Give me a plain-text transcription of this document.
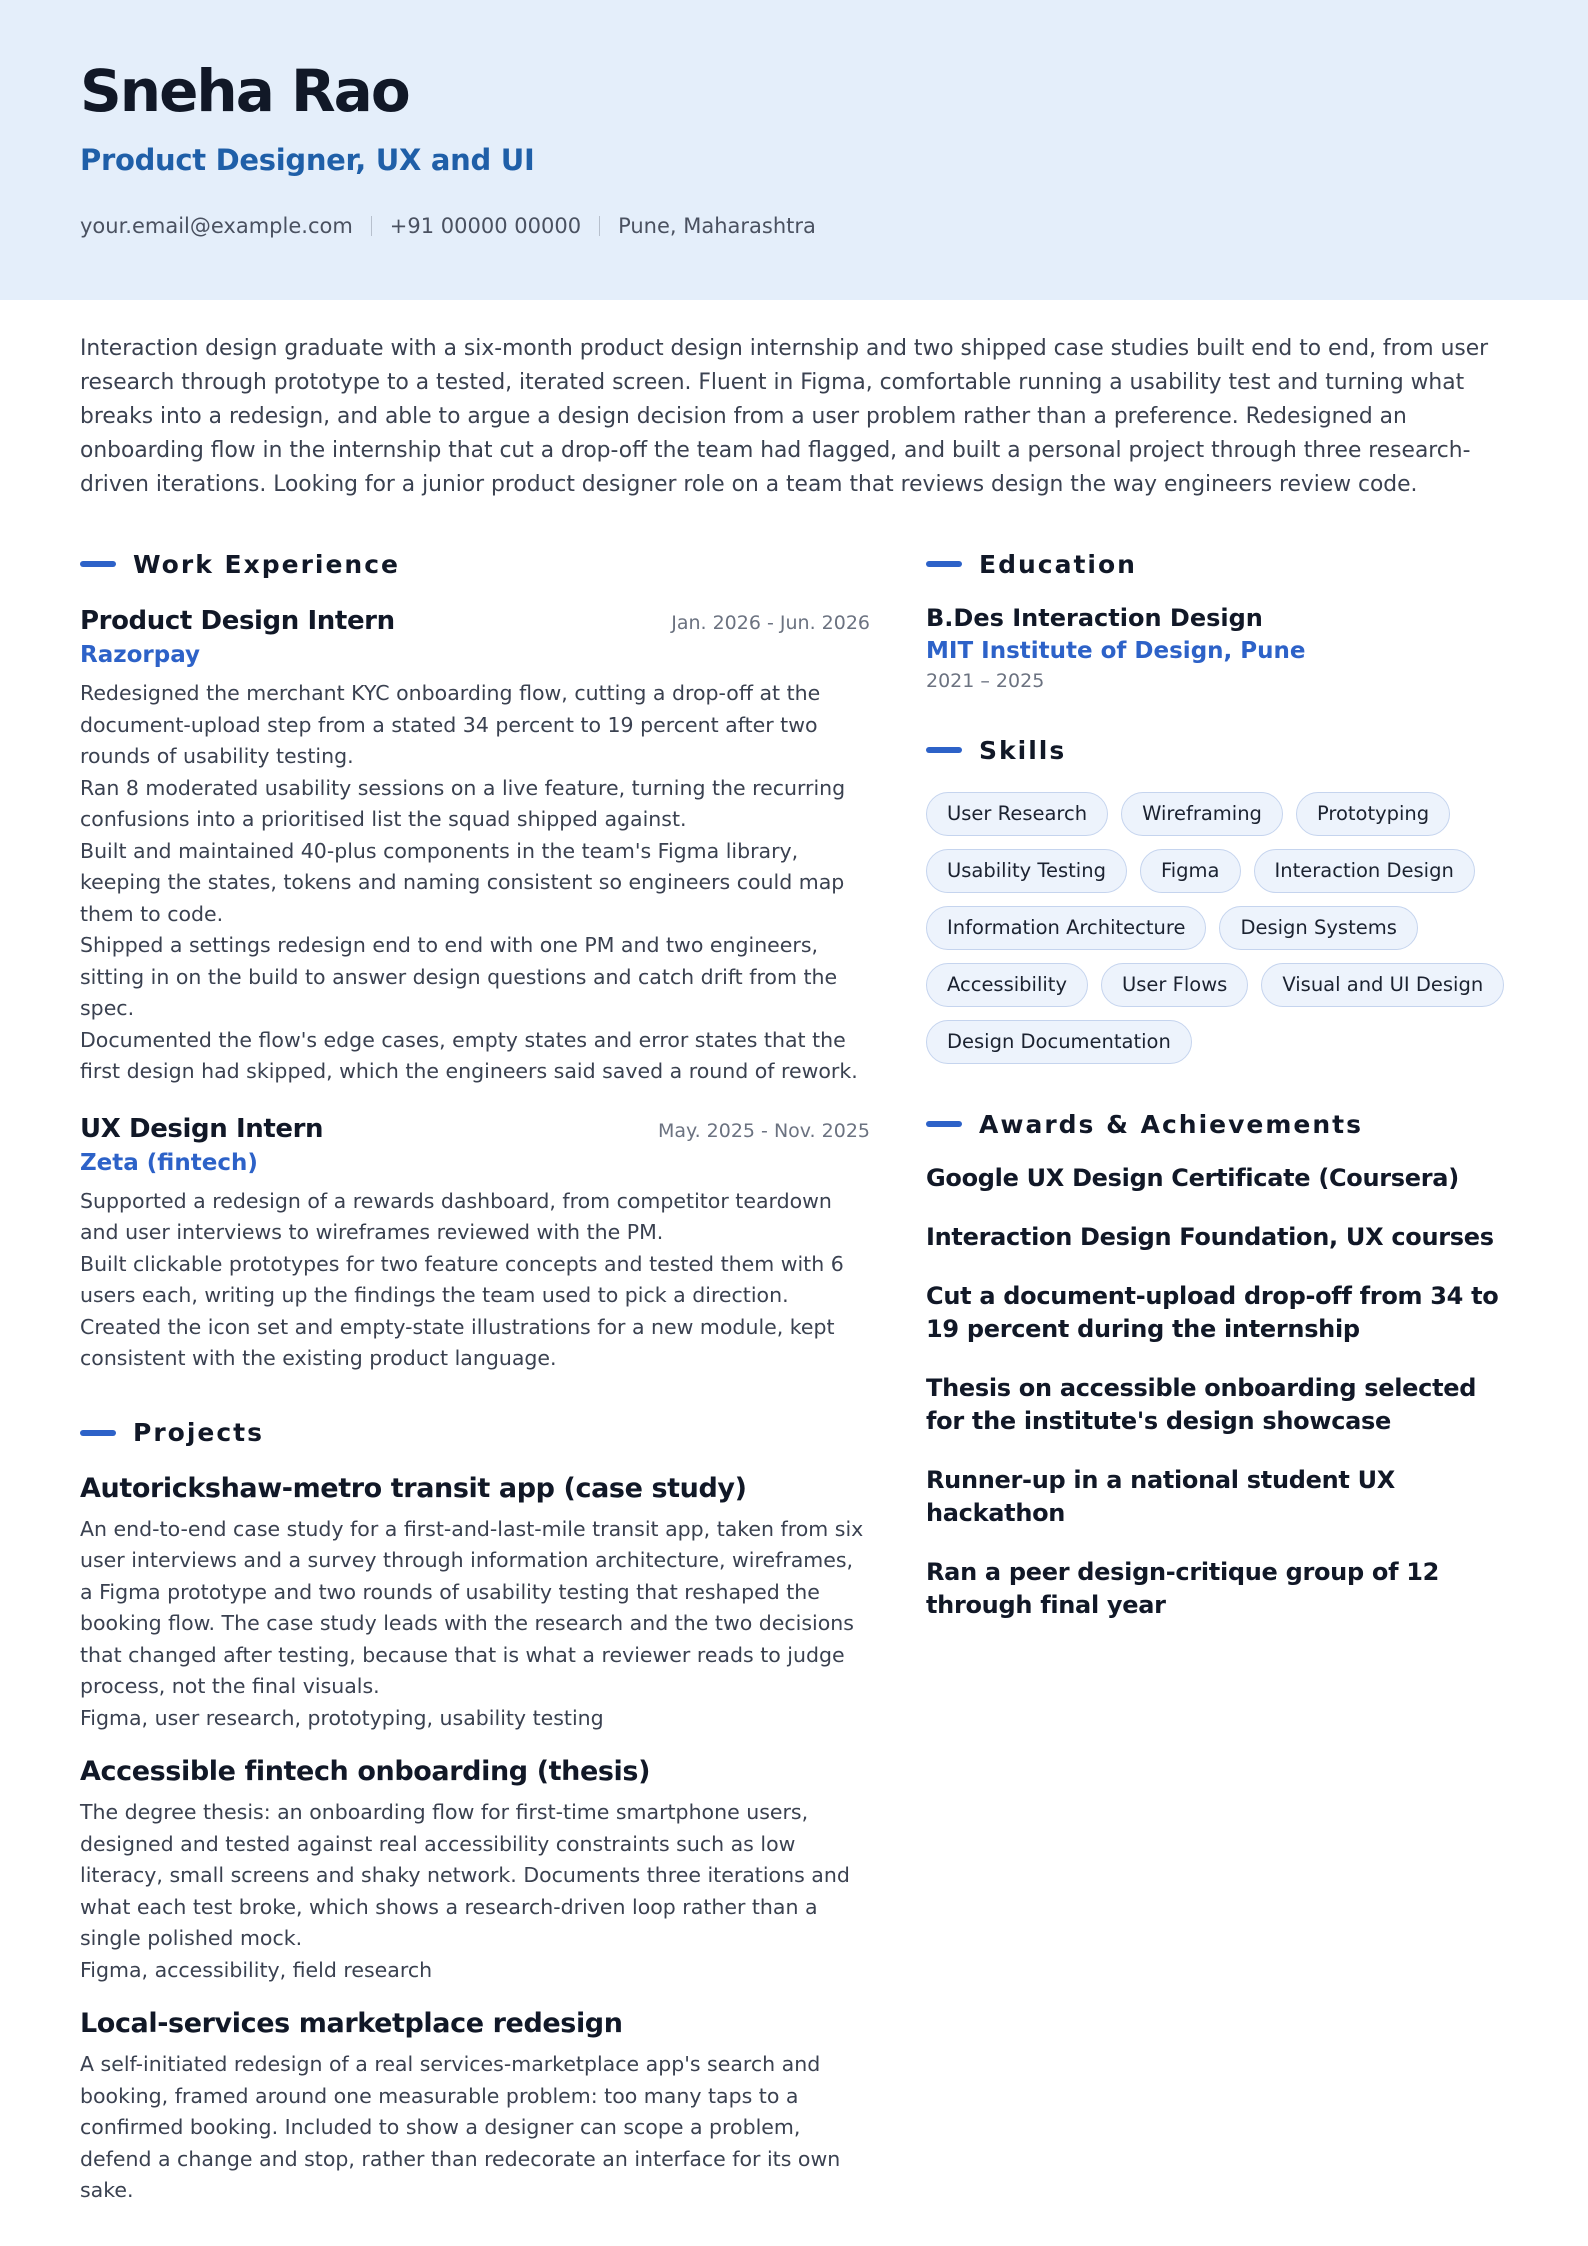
Sneha Rao
Product Designer, UX and UI
your.email@example.com +91 00000 00000 Pune, Maharashtra

Interaction design graduate with a six-month product design internship and two shipped case studies built end to end, from user research through prototype to a tested, iterated screen. Fluent in Figma, comfortable running a usability test and turning what breaks into a redesign, and able to argue a design decision from a user problem rather than a preference. Redesigned an onboarding flow in the internship that cut a drop-off the team had flagged, and built a personal project through three research-driven iterations. Looking for a junior product designer role on a team that reviews design the way engineers review code.

Work Experience
Product Design Intern	Jan. 2026 - Jun. 2026
Razorpay
Redesigned the merchant KYC onboarding flow, cutting a drop-off at the document-upload step from a stated 34 percent to 19 percent after two rounds of usability testing.
Ran 8 moderated usability sessions on a live feature, turning the recurring confusions into a prioritised list the squad shipped against.
Built and maintained 40-plus components in the team's Figma library, keeping the states, tokens and naming consistent so engineers could map them to code.
Shipped a settings redesign end to end with one PM and two engineers, sitting in on the build to answer design questions and catch drift from the spec.
Documented the flow's edge cases, empty states and error states that the first design had skipped, which the engineers said saved a round of rework.
UX Design Intern	May. 2025 - Nov. 2025
Zeta (fintech)
Supported a redesign of a rewards dashboard, from competitor teardown and user interviews to wireframes reviewed with the PM.
Built clickable prototypes for two feature concepts and tested them with 6 users each, writing up the findings the team used to pick a direction.
Created the icon set and empty-state illustrations for a new module, kept consistent with the existing product language.
Projects
Autorickshaw-metro transit app (case study)
An end-to-end case study for a first-and-last-mile transit app, taken from six user interviews and a survey through information architecture, wireframes, a Figma prototype and two rounds of usability testing that reshaped the booking flow. The case study leads with the research and the two decisions that changed after testing, because that is what a reviewer reads to judge process, not the final visuals.
Figma, user research, prototyping, usability testing
Accessible fintech onboarding (thesis)
The degree thesis: an onboarding flow for first-time smartphone users, designed and tested against real accessibility constraints such as low literacy, small screens and shaky network. Documents three iterations and what each test broke, which shows a research-driven loop rather than a single polished mock.
Figma, accessibility, field research
Local-services marketplace redesign
A self-initiated redesign of a real services-marketplace app's search and booking, framed around one measurable problem: too many taps to a confirmed booking. Included to show a designer can scope a problem, defend a change and stop, rather than redecorate an interface for its own sake.
Education
B.Des Interaction Design
MIT Institute of Design, Pune
2021 – 2025
Skills
User Research	Wireframing	Prototyping
Usability Testing	Figma	Interaction Design
Information Architecture	Design Systems
Accessibility	User Flows	Visual and UI Design
Design Documentation
Awards & Achievements
Google UX Design Certificate (Coursera)
Interaction Design Foundation, UX courses
Cut a document-upload drop-off from 34 to 19 percent during the internship
Thesis on accessible onboarding selected for the institute's design showcase
Runner-up in a national student UX hackathon
Ran a peer design-critique group of 12 through final year
